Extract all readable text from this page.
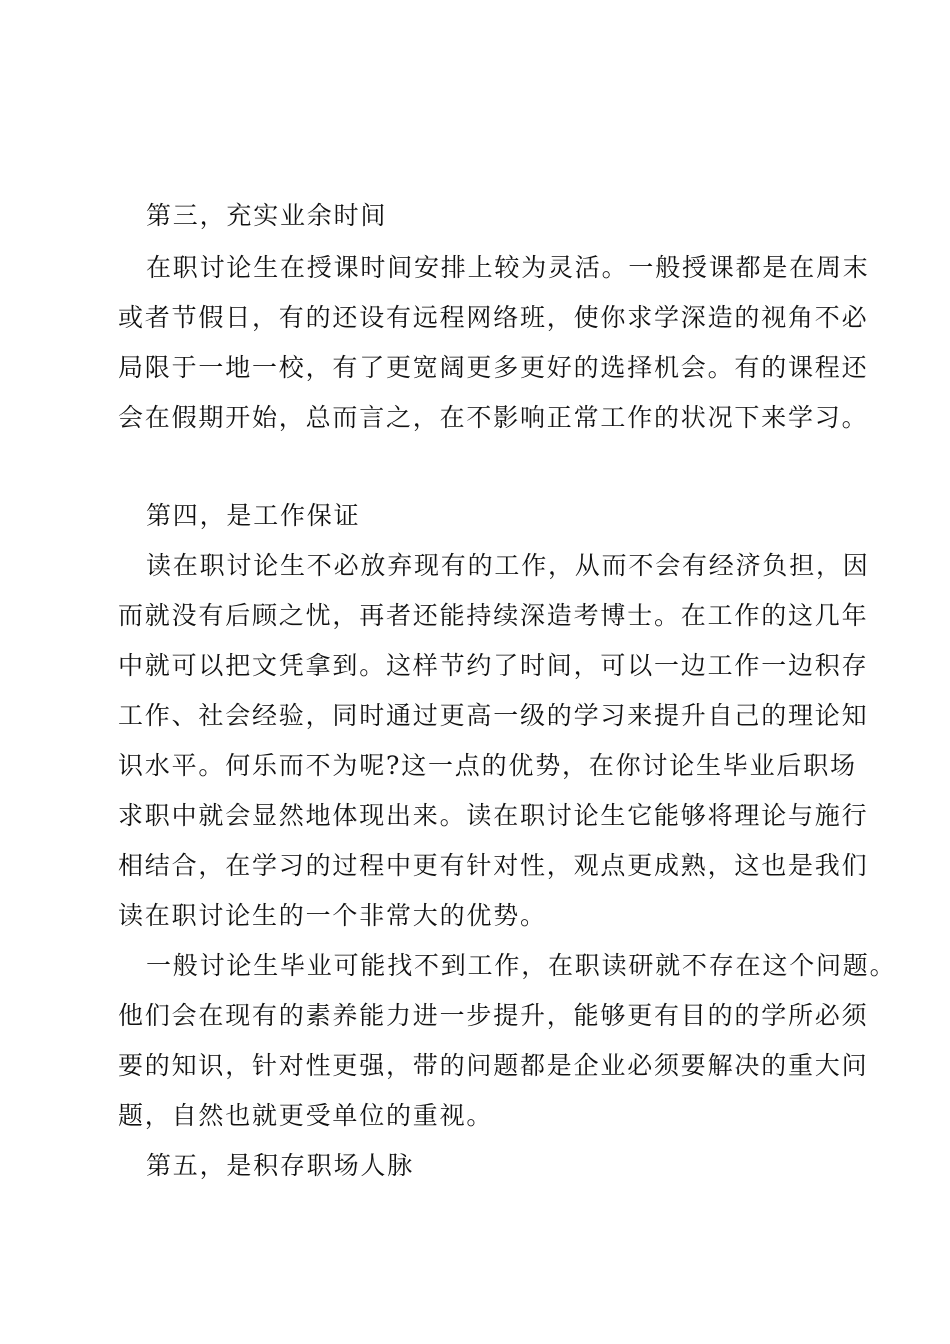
第三，充实业余时间
在职讨论生在授课时间安排上较为灵活。一般授课都是在周末
或者节假日，有的还设有远程网络班，使你求学深造的视角不必
局限于一地一校，有了更宽阔更多更好的选择机会。有的课程还
会在假期开始，总而言之，在不影响正常工作的状况下来学习。
第四，是工作保证
读在职讨论生不必放弃现有的工作，从而不会有经济负担，因
而就没有后顾之忧，再者还能持续深造考博士。在工作的这几年
中就可以把文凭拿到。这样节约了时间，可以一边工作一边积存
工作、社会经验，同时通过更高一级的学习来提升自己的理论知
识水平。何乐而不为呢?这一点的优势，在你讨论生毕业后职场
求职中就会显然地体现出来。读在职讨论生它能够将理论与施行
相结合，在学习的过程中更有针对性，观点更成熟，这也是我们
读在职讨论生的一个非常大的优势。
一般讨论生毕业可能找不到工作，在职读研就不存在这个问题。
他们会在现有的素养能力进一步提升，能够更有目的的学所必须
要的知识，针对性更强，带的问题都是企业必须要解决的重大问
题，自然也就更受单位的重视。
第五，是积存职场人脉
